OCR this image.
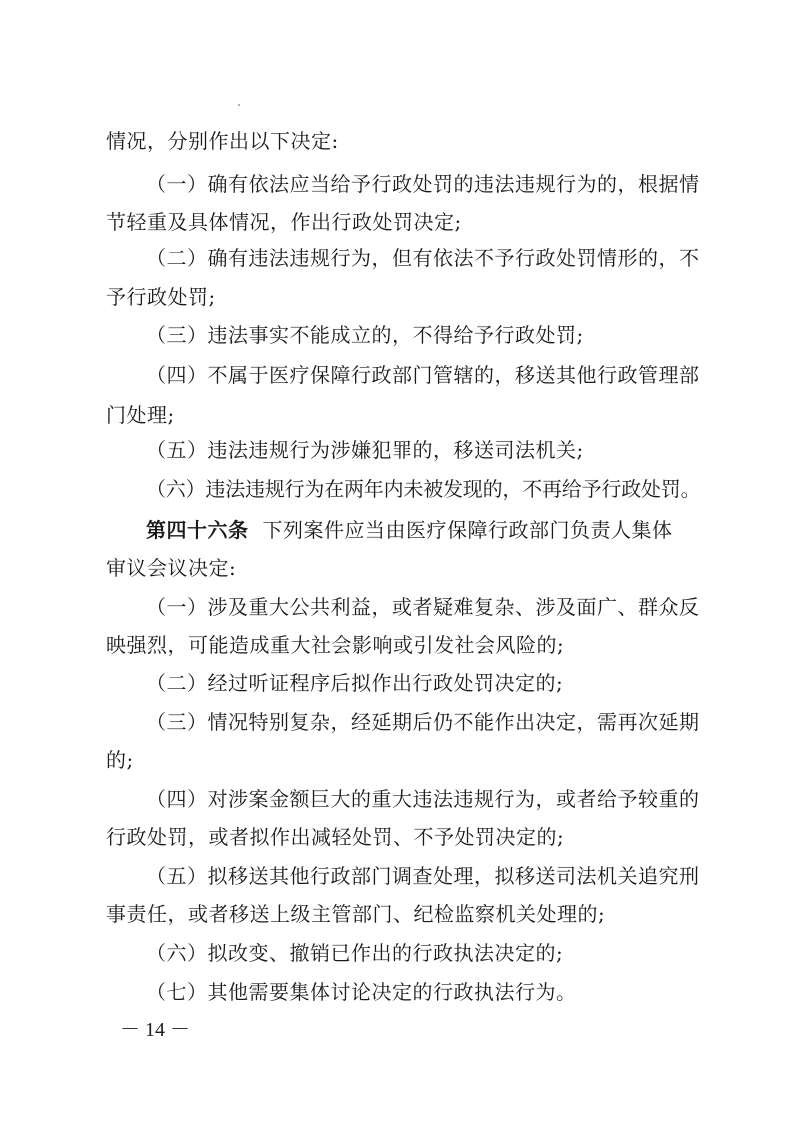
情况，分别作出以下决定:
（一）确有依法应当给予行政处罚的违法违规行为的，根据情
节轻重及具体情况，作出行政处罚决定;
（二）确有违法违规行为，但有依法不予行政处罚情形的，不
予行政处罚;
（三）违法事实不能成立的，不得给予行政处罚;
（四）不属于医疗保障行政部门管辖的，移送其他行政管理部
门处理;
（五）违法违规行为涉嫌犯罪的，移送司法机关;
（六）违法违规行为在两年内未被发现的，不再给予行政处罚。
第四十六条 下列案件应当由医疗保障行政部门负责人集体
审议会议决定:
（一）涉及重大公共利益，或者疑难复杂、涉及面广、群众反
映强烈，可能造成重大社会影响或引发社会风险的;
（二）经过听证程序后拟作出行政处罚决定的;
（三）情况特别复杂，经延期后仍不能作出决定，需再次延期
的;
（四）对涉案金额巨大的重大违法违规行为，或者给予较重的
行政处罚，或者拟作出减轻处罚、不予处罚决定的;
（五）拟移送其他行政部门调查处理，拟移送司法机关追究刑
事责任，或者移送上级主管部门、纪检监察机关处理的;
（六）拟改变、撤销已作出的行政执法决定的;
（七）其他需要集体讨论决定的行政执法行为。
－ 14 －
